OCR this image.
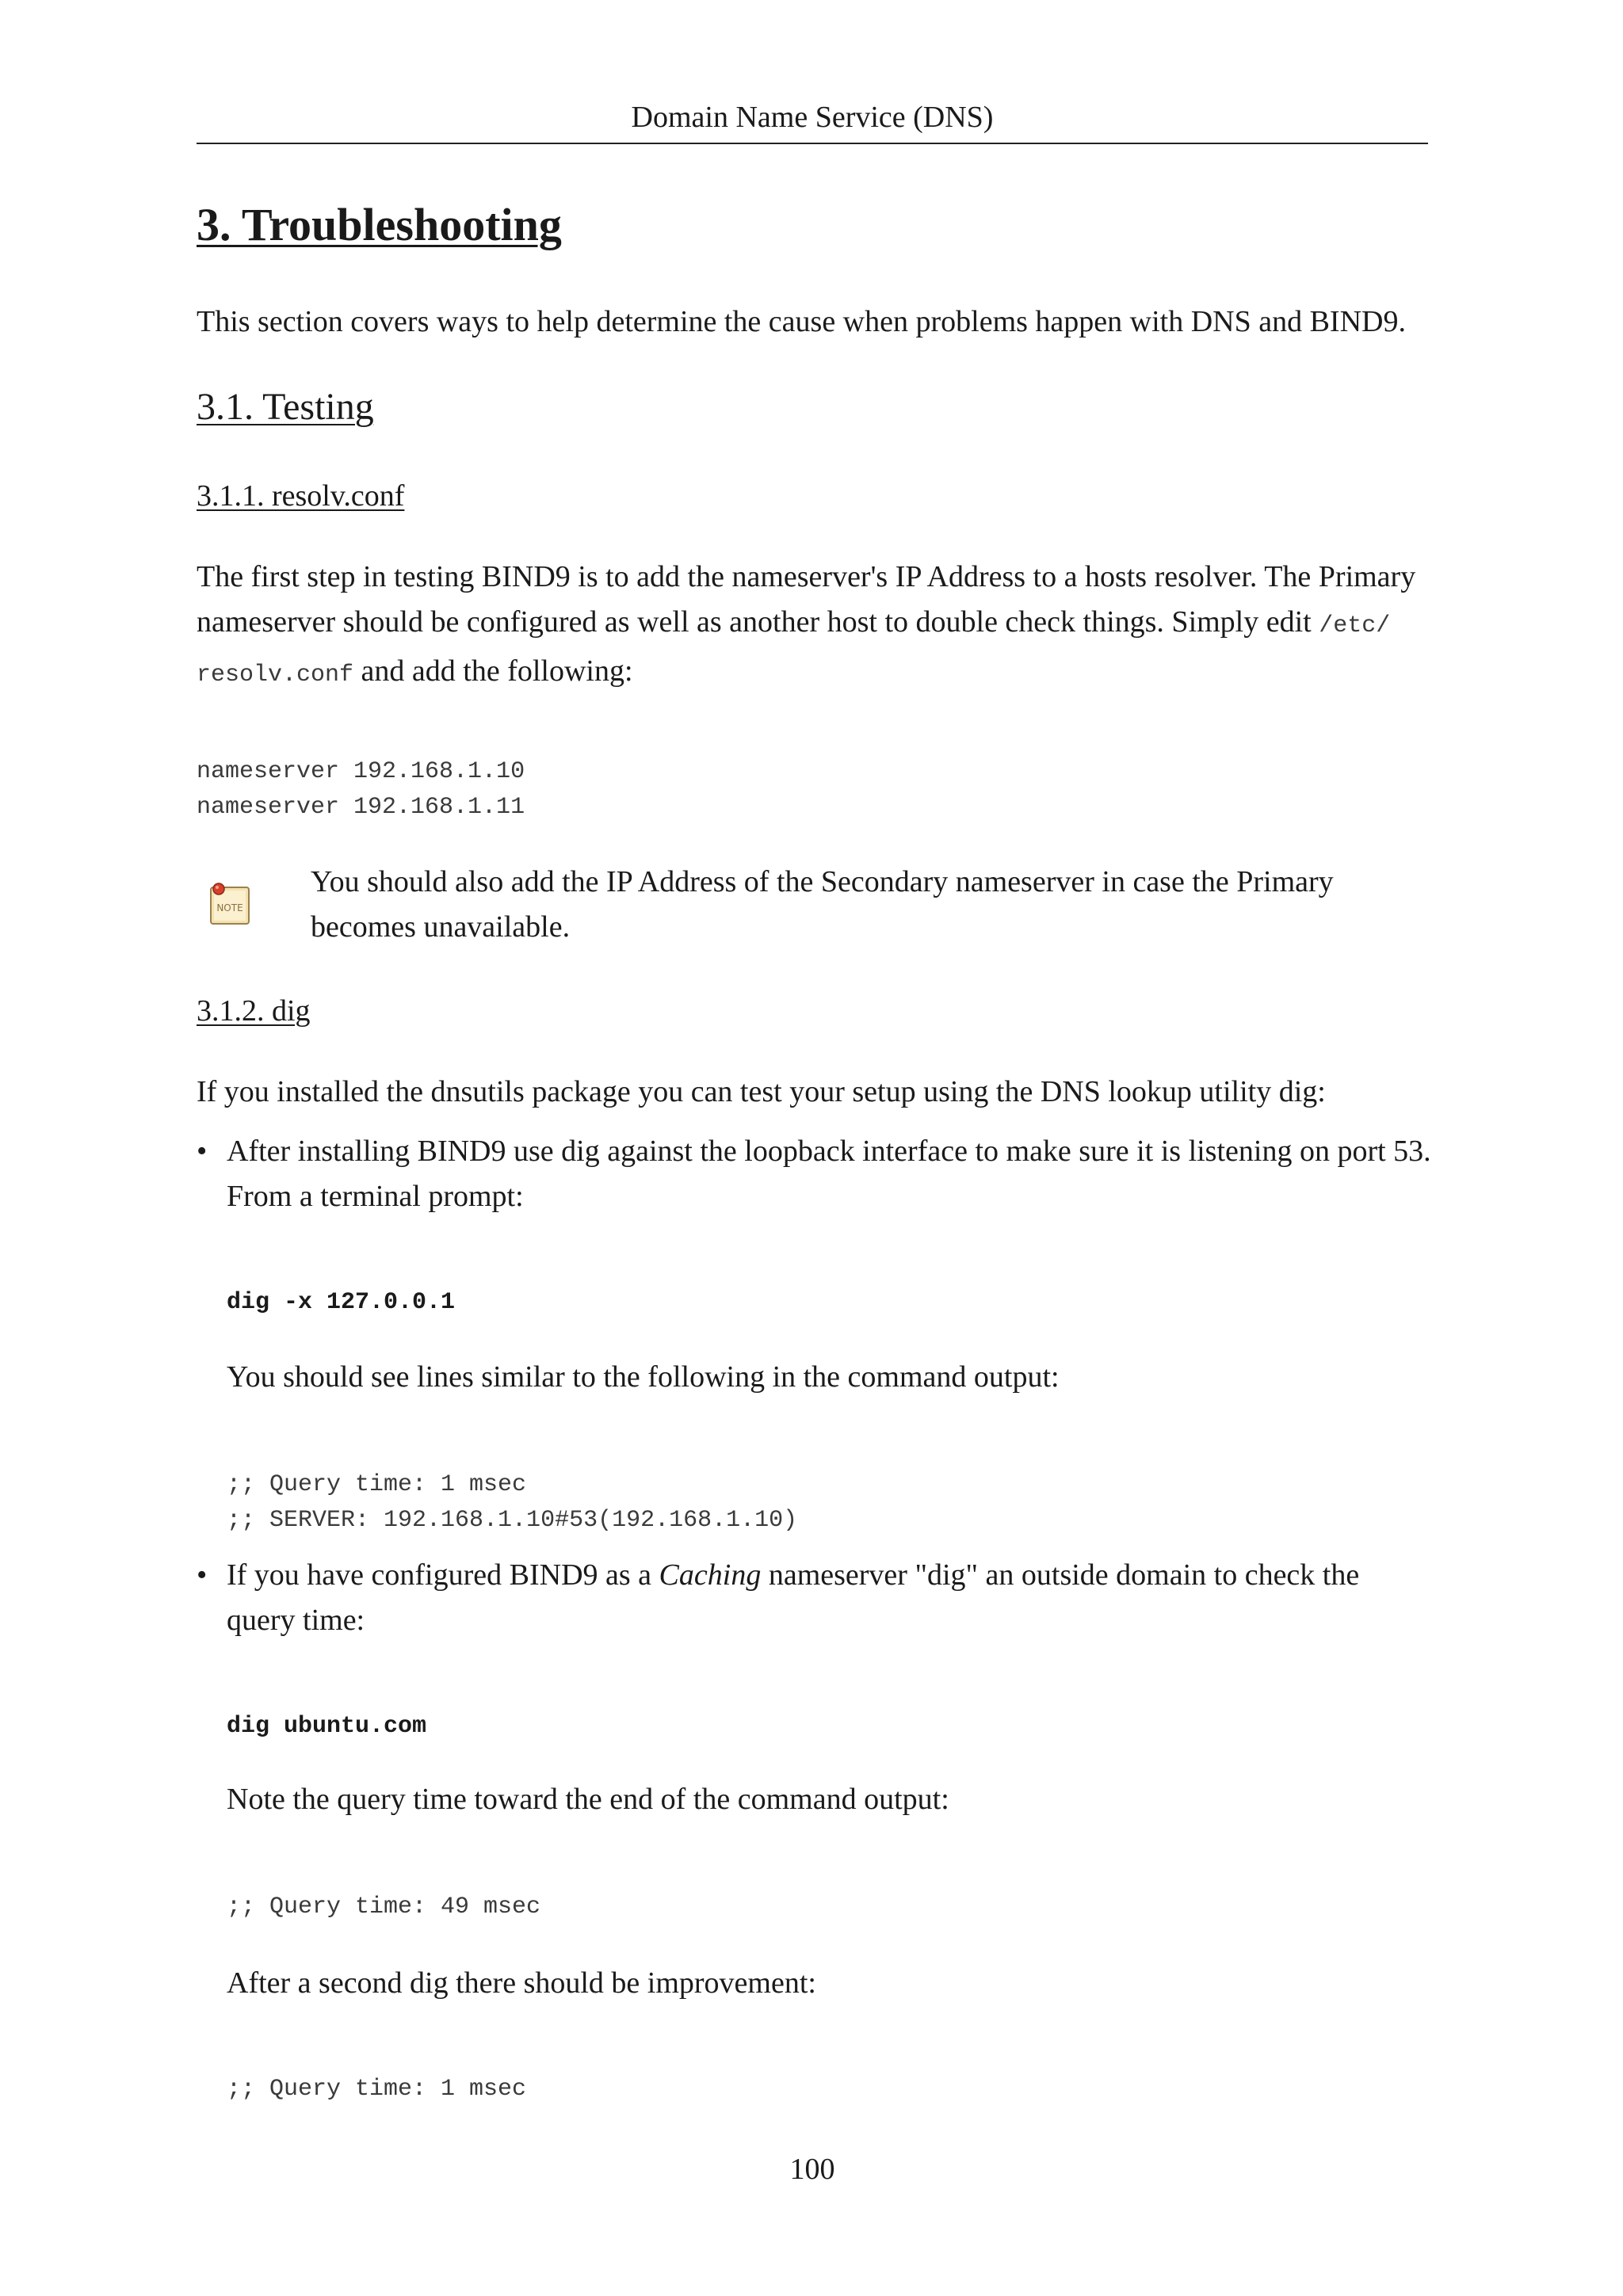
Domain Name Service (DNS)
3. Troubleshooting
This section covers ways to help determine the cause when problems happen with DNS and BIND9.
3.1. Testing
3.1.1. resolv.conf
The first step in testing BIND9 is to add the nameserver's IP Address to a hosts resolver. The Primary
nameserver should be configured as well as another host to double check things. Simply edit /etc/
resolv.conf and add the following:
nameserver 192.168.1.10
nameserver 192.168.1.11
NOTE
You should also add the IP Address of the Secondary nameserver in case the Primary
becomes unavailable.
3.1.2. dig
If you installed the dnsutils package you can test your setup using the DNS lookup utility dig:
• After installing BIND9 use dig against the loopback interface to make sure it is listening on port 53.
From a terminal prompt:
dig -x 127.0.0.1
You should see lines similar to the following in the command output:
;; Query time: 1 msec
;; SERVER: 192.168.1.10#53(192.168.1.10)
• If you have configured BIND9 as a Caching nameserver "dig" an outside domain to check the
query time:
dig ubuntu.com
Note the query time toward the end of the command output:
;; Query time: 49 msec
After a second dig there should be improvement:
;; Query time: 1 msec
100
